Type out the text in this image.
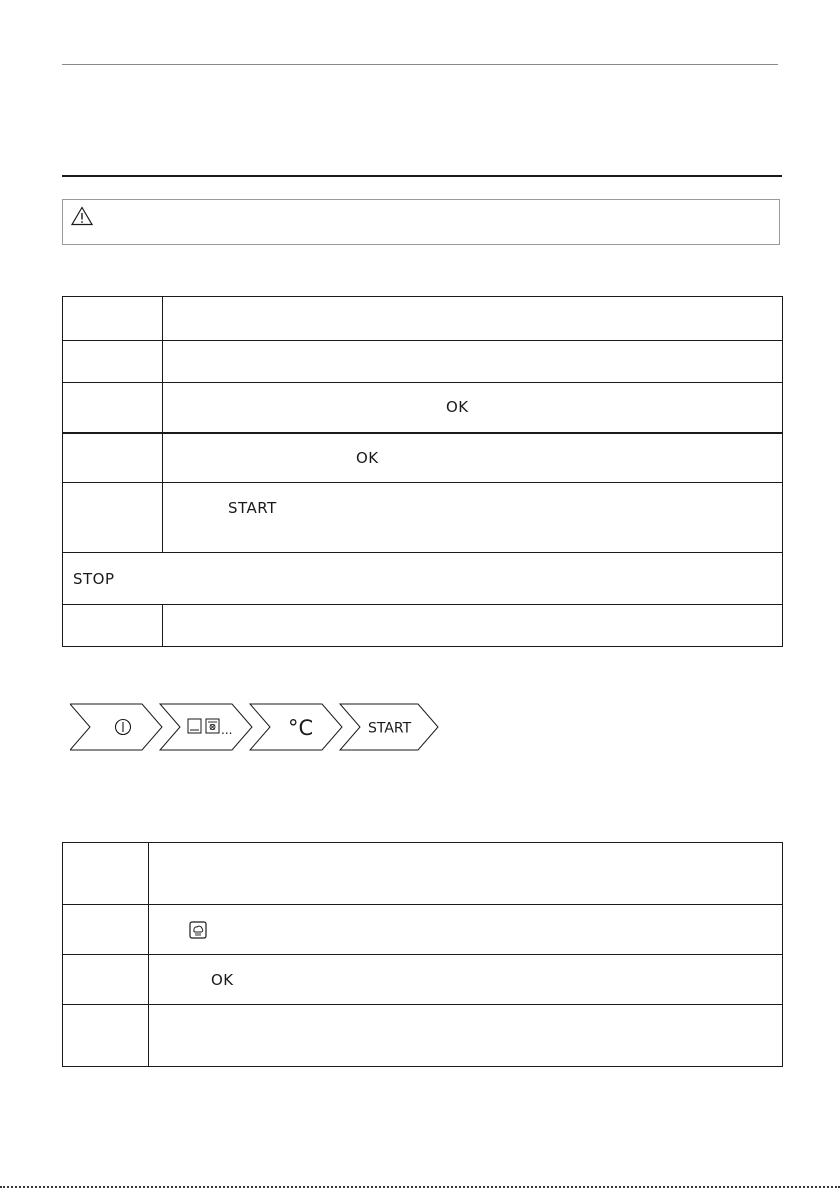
	OK
	OK
	START
STOP	

...	°C	START

	OK
